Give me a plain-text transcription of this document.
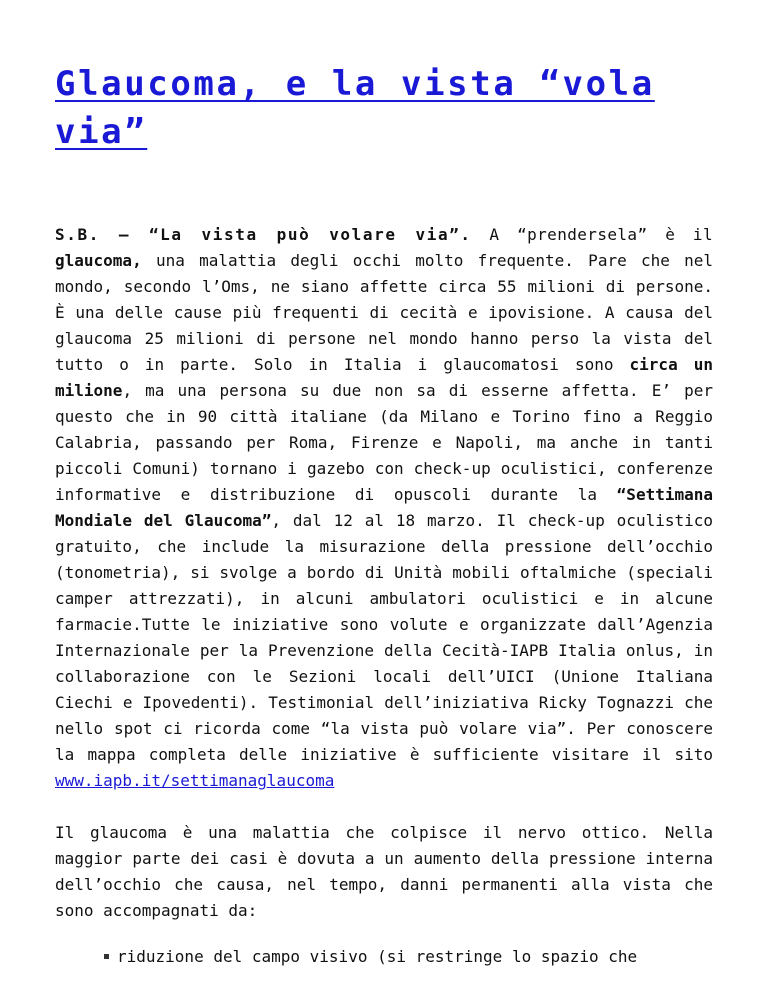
Glaucoma, e la vista “vola via”

S.B. – “La vista può volare via”. A “prendersela” è il glaucoma, una malattia degli occhi molto frequente. Pare che nel mondo, secondo l’Oms, ne siano affette circa 55 milioni di persone. È una delle cause più frequenti di cecità e ipovisione. A causa del glaucoma 25 milioni di persone nel mondo hanno perso la vista del tutto o in parte. Solo in Italia i glaucomatosi sono circa un milione, ma una persona su due non sa di esserne affetta. E’ per questo che in 90 città italiane (da Milano e Torino fino a Reggio Calabria, passando per Roma, Firenze e Napoli, ma anche in tanti piccoli Comuni) tornano i gazebo con check-up oculistici, conferenze informative e distribuzione di opuscoli durante la “Settimana Mondiale del Glaucoma”, dal 12 al 18 marzo. Il check-up oculistico gratuito, che include la misurazione della pressione dell’occhio (tonometria), si svolge a bordo di Unità mobili oftalmiche (speciali camper attrezzati), in alcuni ambulatori oculistici e in alcune farmacie.Tutte le iniziative sono volute e organizzate dall’Agenzia Internazionale per la Prevenzione della Cecità-IAPB Italia onlus, in collaborazione con le Sezioni locali dell’UICI (Unione Italiana Ciechi e Ipovedenti). Testimonial dell’iniziativa Ricky Tognazzi che nello spot ci ricorda come “la vista può volare via”. Per conoscere la mappa completa delle iniziative è sufficiente visitare il sito www.iapb.it/settimanaglaucoma

Il glaucoma è una malattia che colpisce il nervo ottico. Nella maggior parte dei casi è dovuta a un aumento della pressione interna dell’occhio che causa, nel tempo, danni permanenti alla vista che sono accompagnati da:

riduzione del campo visivo (si restringe lo spazio che
